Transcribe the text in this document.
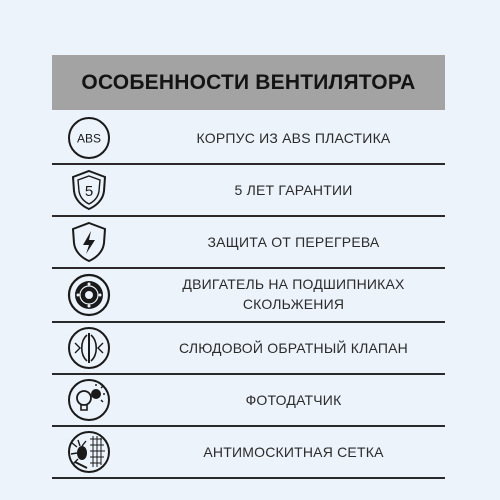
ОСОБЕННОСТИ ВЕНТИЛЯТОРА
ABS	КОРПУС ИЗ ABS ПЛАСТИКА
5	5 ЛЕТ ГАРАНТИИ
ЗАЩИТА ОТ ПЕРЕГРЕВА
ДВИГАТЕЛЬ НА ПОДШИПНИКАХ
СКОЛЬЖЕНИЯ
СЛЮДОВОЙ ОБРАТНЫЙ КЛАПАН
ФОТОДАТЧИК
АНТИМОСКИТНАЯ СЕТКА
